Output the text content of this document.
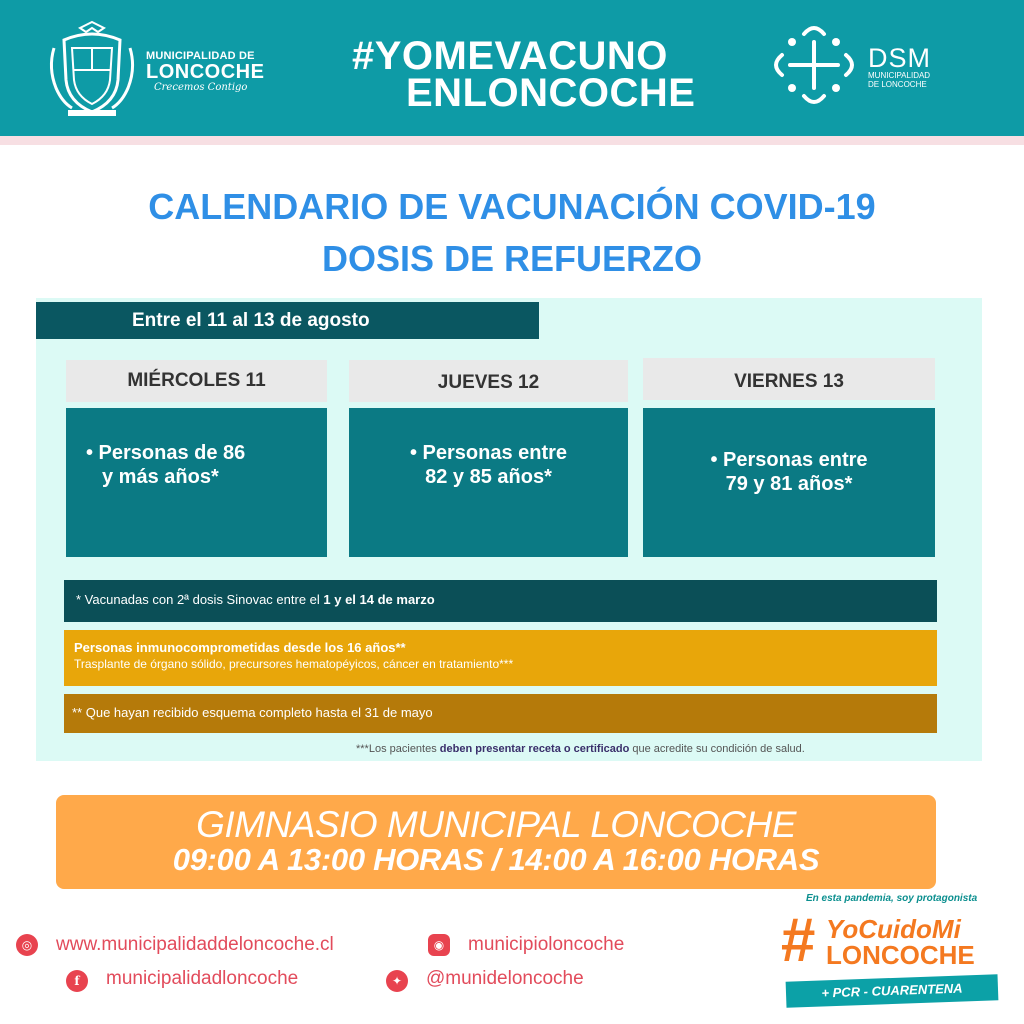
MUNICIPALIDAD DE
LONCOCHE
Crecemos Contigo
#YOMEVACUNO
ENLONCOCHE
DSM
MUNICIPALIDAD
DE LONCOCHE
CALENDARIO DE VACUNACIÓN COVID-19
DOSIS DE REFUERZO
Entre el 11 al 13 de agosto
MIÉRCOLES 11
• Personas de 86
y más años*
JUEVES 12
• Personas entre
82 y 85 años*
VIERNES 13
• Personas entre
79 y 81 años*
* Vacunadas con 2ª dosis Sinovac entre el 1 y el 14 de marzo
Personas inmunocomprometidas desde los 16 años**
Trasplante de órgano sólido, precursores hematopéyicos, cáncer en tratamiento***
** Que hayan recibido esquema completo hasta el 31 de mayo
***Los pacientes deben presentar receta o certificado que acredite su condición de salud.
GIMNASIO MUNICIPAL LONCOCHE
09:00 A 13:00 HORAS / 14:00 A 16:00 HORAS
◎	www.municipalidaddeloncoche.cl	◉	municipioloncoche
f	municipalidadloncoche	✦	@munideloncoche
En esta pandemia, soy protagonista
# YoCuidoMi
LONCOCHE
+ PCR - CUARENTENA
